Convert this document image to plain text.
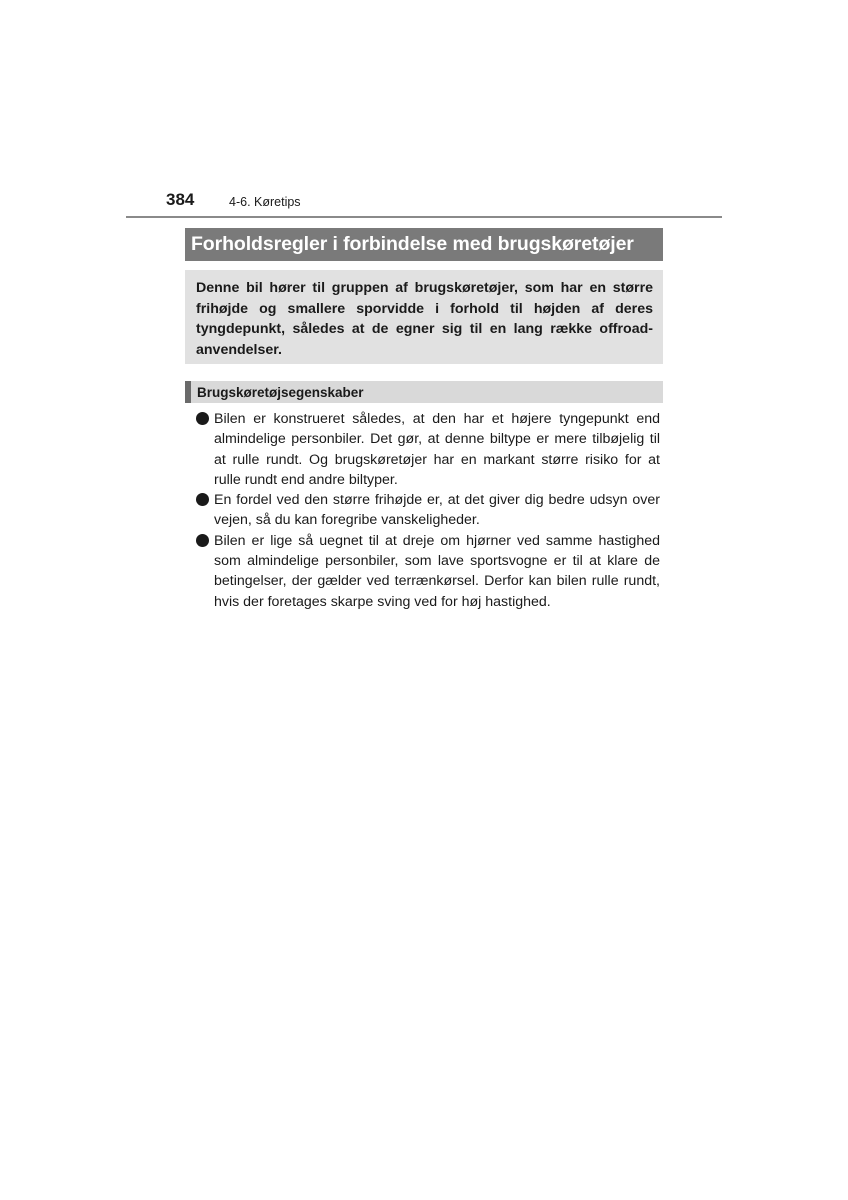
384	4-6. Køretips
Forholdsregler i forbindelse med brugskøretøjer
Denne bil hører til gruppen af brugskøretøjer, som har en større frihøjde og smallere sporvidde i forhold til højden af deres tyngdepunkt, således at de egner sig til en lang række offroad-anvendelser.
Brugskøretøjsegenskaber
Bilen er konstrueret således, at den har et højere tyngepunkt end almindelige personbiler. Det gør, at denne biltype er mere tilbøjelig til at rulle rundt. Og brugskøretøjer har en markant større risiko for at rulle rundt end andre biltyper.
En fordel ved den større frihøjde er, at det giver dig bedre udsyn over vejen, så du kan foregribe vanskeligheder.
Bilen er lige så uegnet til at dreje om hjørner ved samme hastighed som almindelige personbiler, som lave sportsvogne er til at klare de betingelser, der gælder ved terrænkørsel. Derfor kan bilen rulle rundt, hvis der foretages skarpe sving ved for høj hastighed.
